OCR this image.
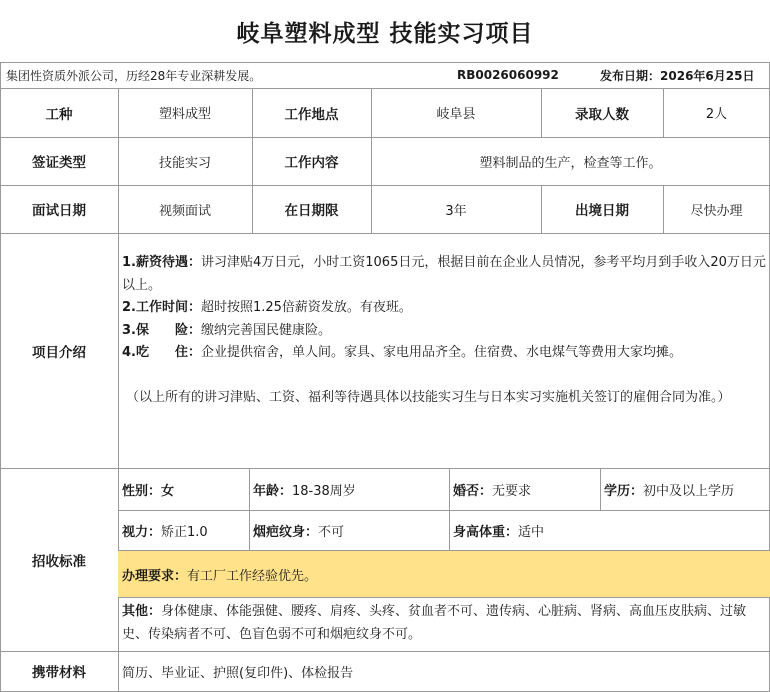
岐阜塑料成型 技能实习 项目
集团性资质外派公司，历经28年专业深耕发展。	RB0026060992	发布日期： 2026年6月25日
工种	塑料成型	工作地点	岐阜县	录取人数	2人
签证类型	技能实习	工作内容	塑料制品的生产，检查等工作。
面试日期	视频面试	在日期限	3年	出境日期	尽快办理
项目介绍

1.薪资待遇：讲习津贴4万日元，小时工资1065日元，根据目前在企业人员情况，参考平均月到手收入20万日元以上。

2.工作时间：超时按照1.25倍薪资发放。有夜班。

3.保　　险：缴纳完善国民健康险。

4.吃　　住：企业提供宿舍，单人间。家具、家电用品齐全。住宿费、水电煤气等费用大家均摊。

（以上所有的讲习津贴、工资、福利等待遇具体以技能实习生与日本实习实施机关签订的雇佣合同为准。）

招收标准
性别： 女	年龄： 18-38周岁	婚否： 无要求	学历： 初中及以上学历
视力： 矫正1.0	烟疤纹身： 不可	身高体重： 适中
办理要求： 有工厂工作经验优先。
其他：身体健康、体能强健、腰疼、肩疼、头疼、贫血者不可、遗传病、心脏病、肾病、高血压皮肤病、过敏史、传染病者不可、色盲色弱不可和烟疤纹身不可。
携带材料	简历、毕业证、护照(复印件)、体检报告
